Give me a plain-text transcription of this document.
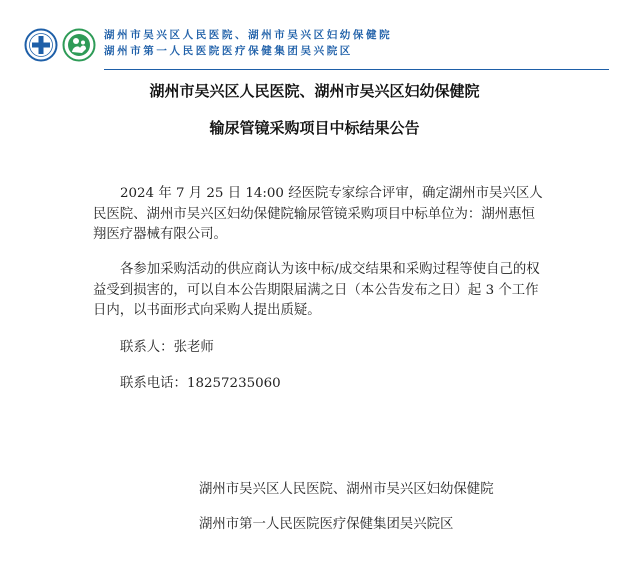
湖州市吴兴区人民医院、湖州市吴兴区妇幼保健院
湖州市第一人民医院医疗保健集团吴兴院区
湖州市吴兴区人民医院、湖州市吴兴区妇幼保健院
输尿管镜采购项目中标结果公告

2024 年 7 月 25 日 14:00 经医院专家综合评审，确定湖州市吴兴区人民医院、湖州市吴兴区妇幼保健院输尿管镜采购项目中标单位为：湖州惠恒翔医疗器械有限公司。

各参加采购活动的供应商认为该中标/成交结果和采购过程等使自己的权益受到损害的，可以自本公告期限届满之日（本公告发布之日）起 3 个工作日内，以书面形式向采购人提出质疑。

联系人：张老师
联系电话：18257235060
湖州市吴兴区人民医院、湖州市吴兴区妇幼保健院
湖州市第一人民医院医疗保健集团吴兴院区
